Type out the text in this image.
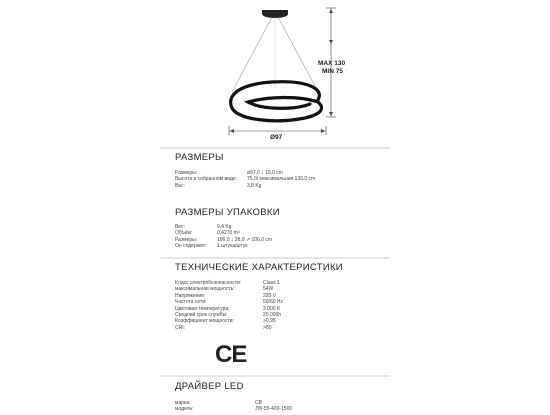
MAX 130
MIN 75
Ø97
РАЗМЕРЫ
Размеры:	ø97,0 ↕ 19,0 cm
Высота в собранном виде:	75,0/ максимальная 130,0 cm
Вес:	3,8 Kg
РАЗМЕРЫ УПАКОВКИ
Вес:	9,4 Kg
Объём:	0,4270 m³
Размеры:	106,0 ↕ 38,0 ↗ 106,0 cm
Он содержит:	1 штука/штук
ТЕХНИЧЕСКИЕ ХАРАКТЕРИСТИКИ
Класс электробезопасности:	Class 1
максимальная мощность:	54W
Напряжение:	220 V
Частота сети:	50/60 Hz
Цветовая температура:	3.000 K
Средний срок службы:	20.000h
Коэффициент мощности:	>0,95
CRI:	>80
CE
ДРАЙВЕР LED
марка:	CB
модель:	JW-55-400-1500
